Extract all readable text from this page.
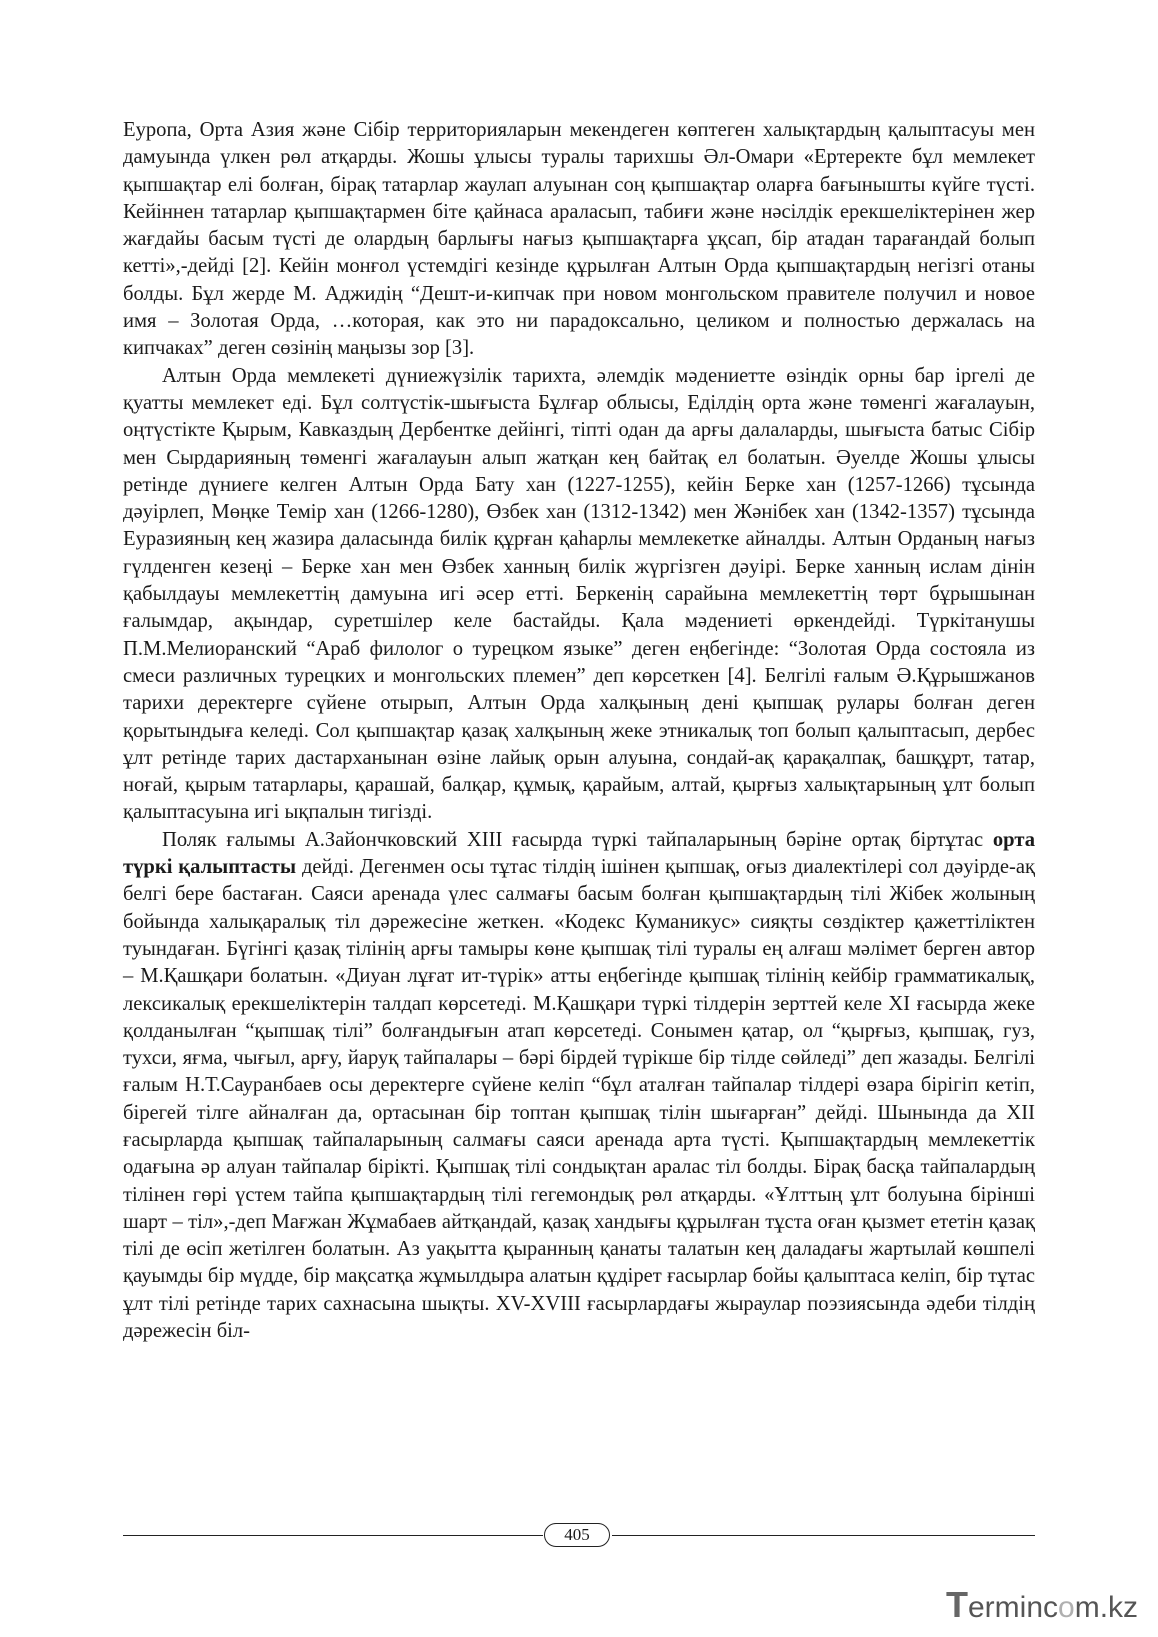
Еуропа, Орта Азия және Сібір территорияларын мекендеген көптеген халықтардың қалыптасуы мен дамуында үлкен рөл атқарды. Жошы ұлысы туралы тарихшы Әл-Омари «Ертеректе бұл мемлекет қыпшақтар елі болған, бірақ татарлар жаулап алуынан соң қыпшақтар оларға бағынышты күйге түсті. Кейіннен татарлар қыпшақтармен біте қайнаса араласып, табиғи және нәсілдік ерекшеліктерінен жер жағдайы басым түсті де олардың барлығы нағыз қыпшақтарға ұқсап, бір атадан тарағандай болып кетті»,-дейді [2]. Кейін монғол үстемдігі кезінде құрылған Алтын Орда қыпшақтардың негізгі отаны болды. Бұл жерде М. Аджидің “Дешт-и-кипчак при новом монгольском правителе получил и новое имя – Золотая Орда, …которая, как это ни парадоксально, целиком и полностью держалась на кипчаках” деген сөзінің маңызы зор [3].

Алтын Орда мемлекеті дүниежүзілік тарихта, әлемдік мәдениетте өзіндік орны бар іргелі де қуатты мемлекет еді. Бұл солтүстік-шығыста Бұлғар облысы, Еділдің орта және төменгі жағалауын, оңтүстікте Қырым, Кавказдың Дербентке дейінгі, тіпті одан да арғы далаларды, шығыста батыс Сібір мен Сырдарияның төменгі жағалауын алып жатқан кең байтақ ел болатын. Әуелде Жошы ұлысы ретінде дүниеге келген Алтын Орда Бату хан (1227-1255), кейін Берке хан (1257-1266) тұсында дәуірлеп, Мөңке Темір хан (1266-1280), Өзбек хан (1312-1342) мен Жәнібек хан (1342-1357) тұсында Еуразияның кең жазира даласында билік құрған қаһарлы мемлекетке айналды. Алтын Орданың нағыз гүлденген кезеңі – Берке хан мен Өзбек ханның билік жүргізген дәуірі. Берке ханның ислам дінін қабылдауы мемлекеттің дамуына игі әсер етті. Беркенің сарайына мемлекеттің төрт бұрышынан ғалымдар, ақындар, суретшілер келе бастайды. Қала мәдениеті өркендейді. Түркітанушы П.М.Мелиоранский “Араб филолог о турецком языке” деген еңбегінде: “Золотая Орда состояла из смеси различных турецких и монгольских племен” деп көрсеткен [4]. Белгілі ғалым Ә.Құрышжанов тарихи деректерге сүйене отырып, Алтын Орда халқының дені қыпшақ рулары болған деген қорытындыға келеді. Сол қыпшақтар қазақ халқының жеке этникалық топ болып қалыптасып, дербес ұлт ретінде тарих дастарханынан өзіне лайық орын алуына, сондай-ақ қарақалпақ, башқұрт, татар, ноғай, қырым татарлары, қарашай, балқар, құмық, қарайым, алтай, қырғыз халықтарының ұлт болып қалыптасуына игі ықпалын тигізді.

Поляк ғалымы А.Зайончковский XIII ғасырда түркі тайпаларының бәріне ортақ біртұтас орта түркі қалыптасты дейді. Дегенмен осы тұтас тілдің ішінен қыпшақ, оғыз диалектілері сол дәуірде-ақ белгі бере бастаған. Саяси аренада үлес салмағы басым болған қыпшақтардың тілі Жібек жолының бойында халықаралық тіл дәрежесіне жеткен. «Кодекс Куманикус» сияқты сөздіктер қажеттіліктен туындаған. Бүгінгі қазақ тілінің арғы тамыры көне қыпшақ тілі туралы ең алғаш мәлімет берген автор – М.Қашқари болатын. «Диуан лұғат ит-түрік» атты еңбегінде қыпшақ тілінің кейбір грамматикалық, лексикалық ерекшеліктерін талдап көрсетеді. М.Қашқари түркі тілдерін зерттей келе XI ғасырда жеке қолданылған “қыпшақ тілі” болғандығын атап көрсетеді. Сонымен қатар, ол “қырғыз, қыпшақ, гуз, тухси, яғма, чығыл, арғу, йаруқ тайпалары – бәрі бірдей түрікше бір тілде сөйледі” деп жазады. Белгілі ғалым Н.Т.Сауранбаев осы деректерге сүйене келіп “бұл аталған тайпалар тілдері өзара бірігіп кетіп, бірегей тілге айналған да, ортасынан бір топтан қыпшақ тілін шығарған” дейді. Шынында да XII ғасырларда қыпшақ тайпаларының салмағы саяси аренада арта түсті. Қыпшақтардың мемлекеттік одағына әр алуан тайпалар бірікті. Қыпшақ тілі сондықтан аралас тіл болды. Бірақ басқа тайпалардың тілінен гөрі үстем тайпа қыпшақтардың тілі гегемондық рөл атқарды. «Ұлттың ұлт болуына бірінші шарт – тіл»,-деп Мағжан Жұмабаев айтқандай, қазақ хандығы құрылған тұста оған қызмет ететін қазақ тілі де өсіп жетілген болатын. Аз уақытта қыранның қанаты талатын кең даладағы жартылай көшпелі қауымды бір мүдде, бір мақсатқа жұмылдыра алатын құдірет ғасырлар бойы қалыптаса келіп, бір тұтас ұлт тілі ретінде тарих сахнасына шықты. XV-XVIII ғасырлардағы жыраулар поэзиясында әдеби тілдің дәрежесін біл-

405
Termincom.kz
